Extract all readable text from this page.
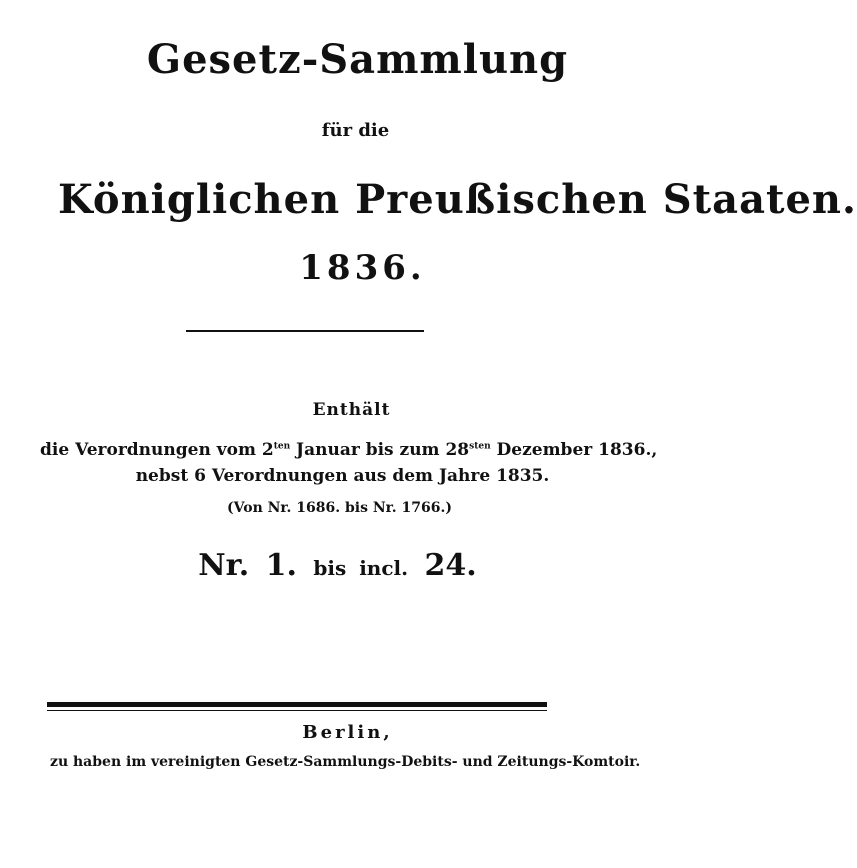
Gesetz-Sammlung
für die
Königlichen Preußischen Staaten.
1836.
Enthält
die Verordnungen vom $2^{ten}$ Januar bis zum $28^{sten}$ Dezember 1836.,
nebst 6 Verordnungen aus dem Jahre 1835.
(Von Nr. 1686. bis Nr. 1766.)
Nr. 1. bis incl. 24.
Berlin,
zu haben im vereinigten Gesetz-Sammlungs-Debits- und Zeitungs-Komtoir.
